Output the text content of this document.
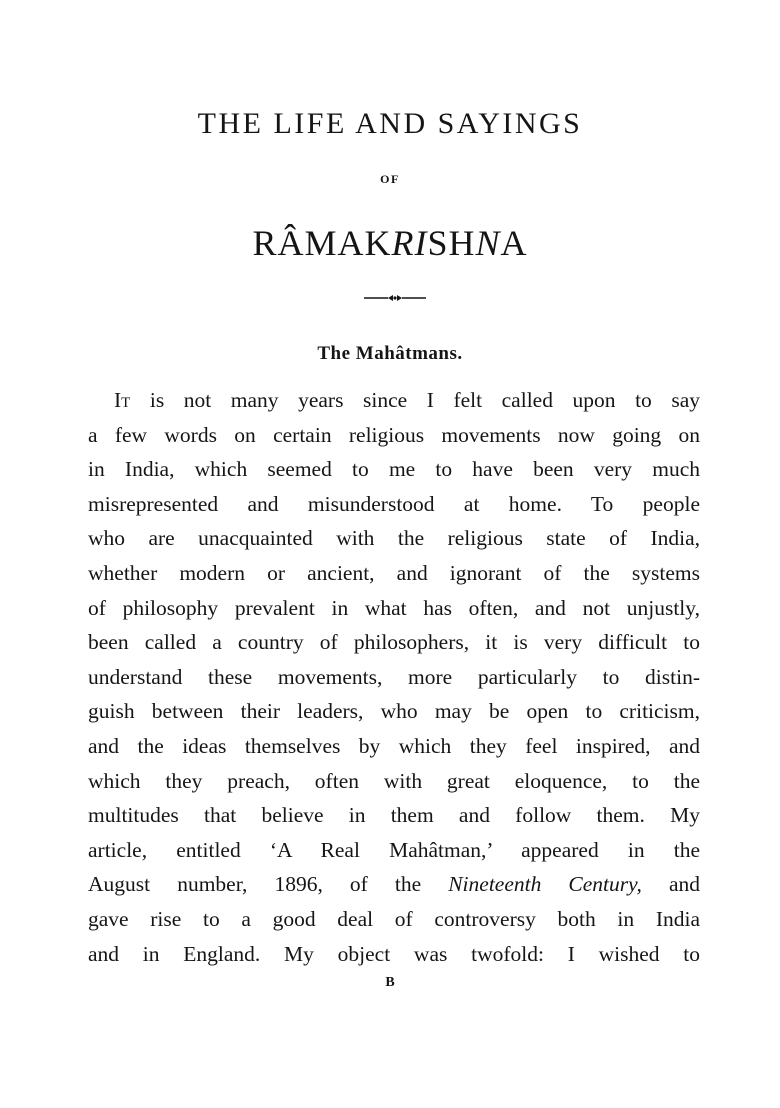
THE LIFE AND SAYINGS
OF
RÂMAKRISHNA
The Mahâtmans.
It is not many years since I felt called upon to say
a few words on certain religious movements now going on
in India, which seemed to me to have been very much
misrepresented and misunderstood at home. To people
who are unacquainted with the religious state of India,
whether modern or ancient, and ignorant of the systems
of philosophy prevalent in what has often, and not unjustly,
been called a country of philosophers, it is very difficult to
understand these movements, more particularly to distin-
guish between their leaders, who may be open to criticism,
and the ideas themselves by which they feel inspired, and
which they preach, often with great eloquence, to the
multitudes that believe in them and follow them. My
article, entitled ‘A Real Mahâtman,’ appeared in the
August number, 1896, of the Nineteenth Century, and
gave rise to a good deal of controversy both in India
and in England. My object was twofold: I wished to
B
